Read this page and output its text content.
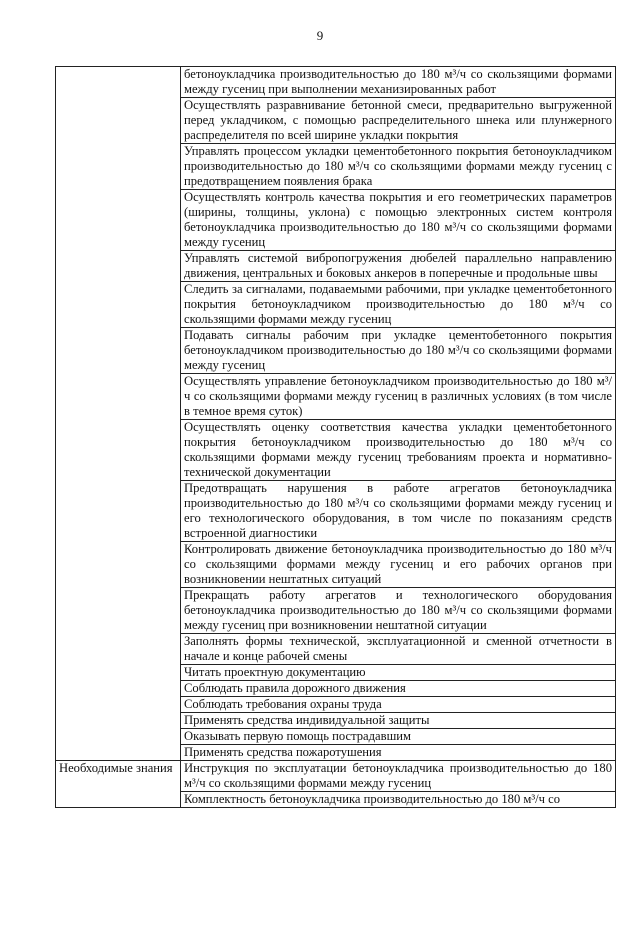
9

	бетоноукладчика производительностью до 180 м³/ч со скользящими формами между гусениц при выполнении механизированных работ

	Осуществлять разравнивание бетонной смеси, предварительно выгруженной перед укладчиком, с помощью распределительного шнека или плунжерного распределителя по всей ширине укладки покрытия

	Управлять процессом укладки цементобетонного покрытия бетоноукладчиком производительностью до 180 м³/ч со скользящими формами между гусениц с предотвращением появления брака

	Осуществлять контроль качества покрытия и его геометрических параметров (ширины, толщины, уклона) с помощью электронных систем контроля бетоноукладчика производительностью до 180 м³/ч со скользящими формами между гусениц

	Управлять системой вибропогружения дюбелей параллельно направлению движения, центральных и боковых анкеров в поперечные и продольные швы

	Следить за сигналами, подаваемыми рабочими, при укладке цементобетонного покрытия бетоноукладчиком производительностью до 180 м³/ч со скользящими формами между гусениц

	Подавать сигналы рабочим при укладке цементобетонного покрытия бетоноукладчиком производительностью до 180 м³/ч со скользящими формами между гусениц

	Осуществлять управление бетоноукладчиком производительностью до 180 м³/ч со скользящими формами между гусениц в различных условиях (в том числе в темное время суток)

	Осуществлять оценку соответствия качества укладки цементобетонного покрытия бетоноукладчиком производительностью до 180 м³/ч со скользящими формами между гусениц требованиям проекта и нормативно-технической документации

	Предотвращать нарушения в работе агрегатов бетоноукладчика производительностью до 180 м³/ч со скользящими формами между гусениц и его технологического оборудования, в том числе по показаниям средств встроенной диагностики

	Контролировать движение бетоноукладчика производительностью до 180 м³/ч со скользящими формами между гусениц и его рабочих органов при возникновении нештатных ситуаций

	Прекращать работу агрегатов и технологического оборудования бетоноукладчика производительностью до 180 м³/ч со скользящими формами между гусениц при возникновении нештатной ситуации

	Заполнять формы технической, эксплуатационной и сменной отчетности в начале и конце рабочей смены

	Читать проектную документацию

	Соблюдать правила дорожного движения

	Соблюдать требования охраны труда

	Применять средства индивидуальной защиты

	Оказывать первую помощь пострадавшим

	Применять средства пожаротушения

Необходимые знания	Инструкция по эксплуатации бетоноукладчика производительностью до 180 м³/ч со скользящими формами между гусениц

	Комплектность бетоноукладчика производительностью до 180 м³/ч со
